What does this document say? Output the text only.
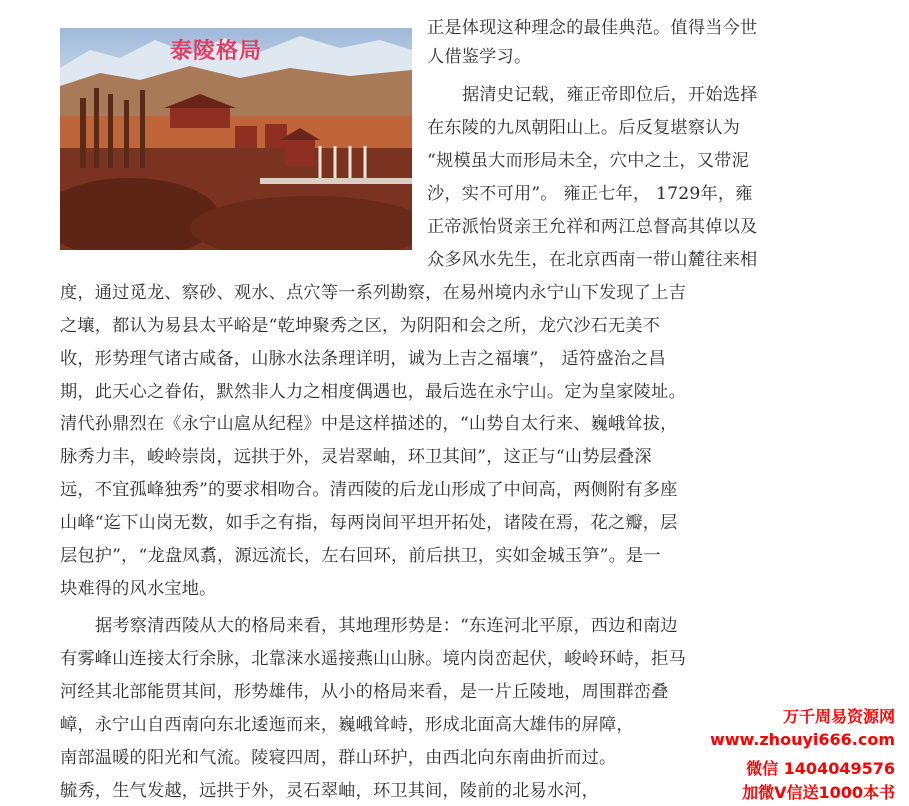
泰陵格局
正是体现这种理念的最佳典范。值得当今世
人借鉴学习。
据清史记载，雍正帝即位后，开始选择
在东陵的九凤朝阳山上。后反复堪察认为
“规模虽大而形局未全，穴中之土，又带泥
沙，实不可用”。 雍正七年， 1729年，雍
正帝派怡贤亲王允祥和两江总督高其倬以及
众多风水先生，在北京西南一带山麓往来相
度，通过觅龙、察砂、观水、点穴等一系列勘察，在易州境内永宁山下发现了上吉
之壤，都认为易县太平峪是“乾坤聚秀之区，为阴阳和会之所，龙穴沙石无美不
收，形势理气诸古咸备，山脉水法条理详明，诚为上吉之福壤”， 适符盛治之昌
期，此天心之眷佑，默然非人力之相度偶遇也，最后选在永宁山。定为皇家陵址。
清代孙鼎烈在《永宁山扈从纪程》中是这样描述的，“山势自太行来、巍峨耸拔，
脉秀力丰，峻岭崇岗，远拱于外，灵岩翠岫，环卫其间”，这正与“山势层叠深
远，不宜孤峰独秀”的要求相吻合。清西陵的后龙山形成了中间高，两侧附有多座
山峰“迄下山岗无数，如手之有指，每两岗间平坦开拓处，诸陵在焉，花之瓣，层
层包护”，“龙盘凤翥，源远流长，左右回环，前后拱卫，实如金城玉笋”。是一
块难得的风水宝地。
据考察清西陵从大的格局来看，其地理形势是：“东连河北平原，西边和南边
有雾峰山连接太行余脉，北靠涞水遥接燕山山脉。境内岗峦起伏，峻岭环峙，拒马
河经其北部能贯其间，形势雄伟，从小的格局来看，是一片丘陵地，周围群峦叠
嶂，永宁山自西南向东北逶迤而来，巍峨耸峙，形成北面高大雄伟的屏障，
南部温暖的阳光和气流。陵寝四周，群山环护，由西北向东南曲折而过。
毓秀，生气发越，远拱于外，灵石翠岫，环卫其间，陵前的北易水河，
万千周易资源网
www.zhouyi666.com
微信 1404049576
加微V信送1000本书
